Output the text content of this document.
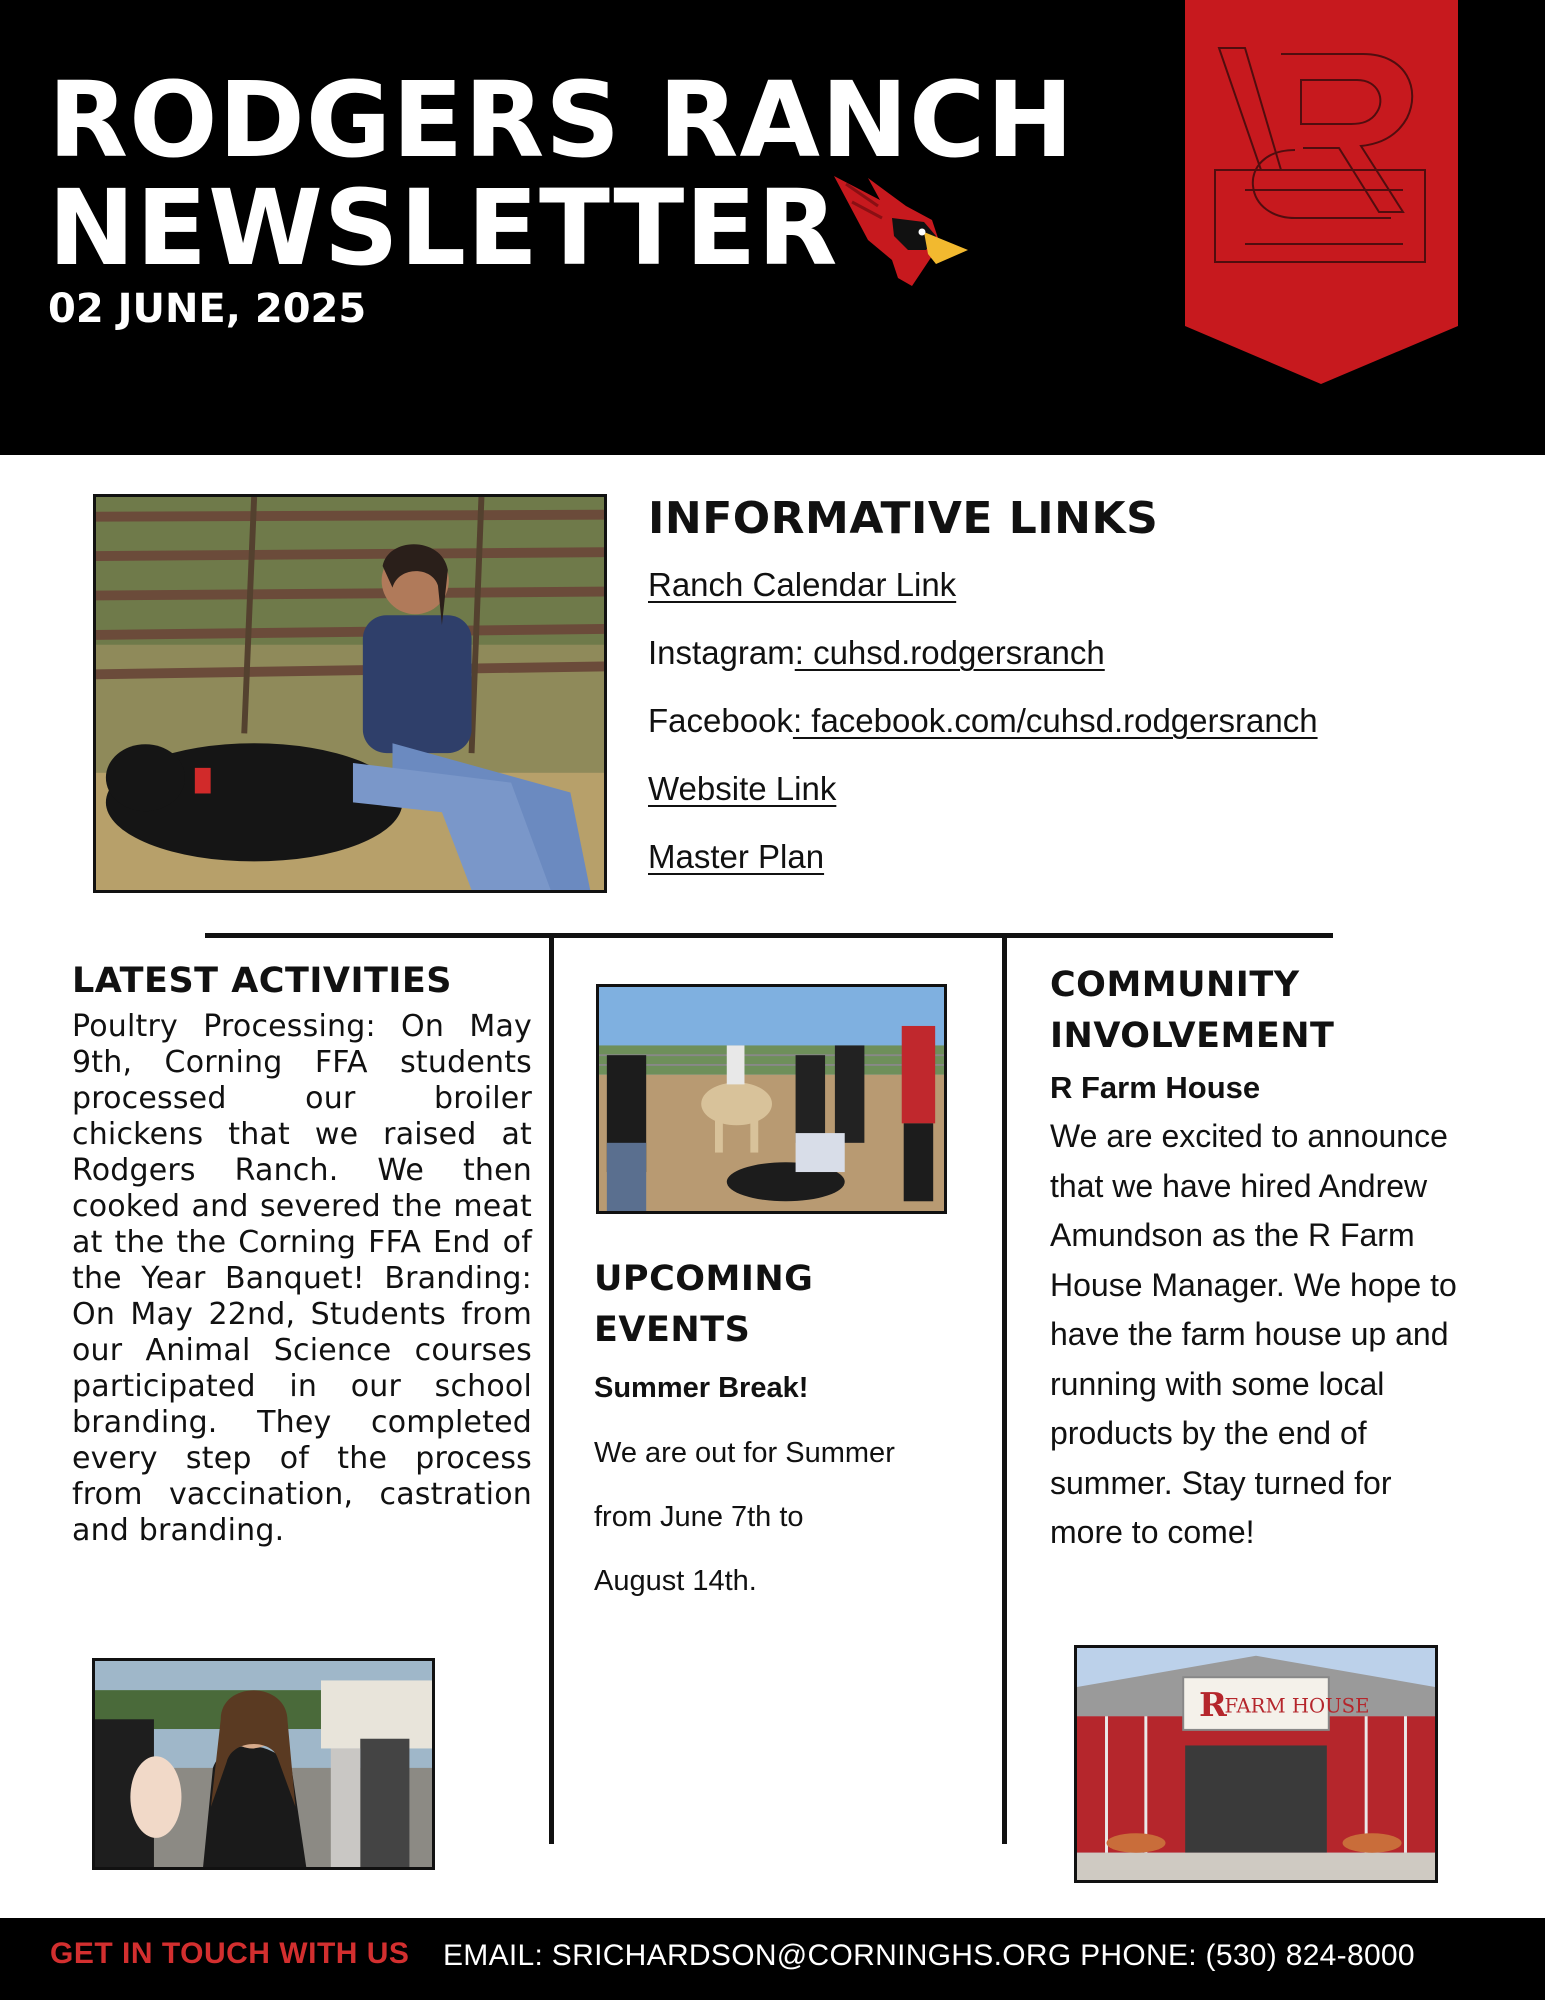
RODGERS RANCH
NEWSLETTER
02 JUNE, 2025
INFORMATIVE LINKS
Ranch Calendar Link
Instagram: cuhsd.rodgersranch
Facebook: facebook.com/cuhsd.rodgersranch
Website Link
Master Plan
LATEST ACTIVITIES
Poultry Processing: On May 9th, Corning FFA students processed our broiler chickens that we raised at Rodgers Ranch. We then cooked and severed the meat at the the Corning FFA End of the Year Banquet! Branding: On May 22nd, Students from our Animal Science courses participated in our school branding. They completed every step of the process from vaccination, castration and branding.
UPCOMING
EVENTS
Summer Break!
We are out for Summer
from June 7th to
August 14th.
COMMUNITY
INVOLVEMENT
R Farm House
We are excited to announce that we have hired Andrew Amundson as the R Farm House Manager. We hope to have the farm house up and running with some local products by the end of summer. Stay turned for more to come!
R
FARM HOUSE
GET IN TOUCH WITH US EMAIL: SRICHARDSON@CORNINGHS.ORG PHONE: (530) 824-8000
